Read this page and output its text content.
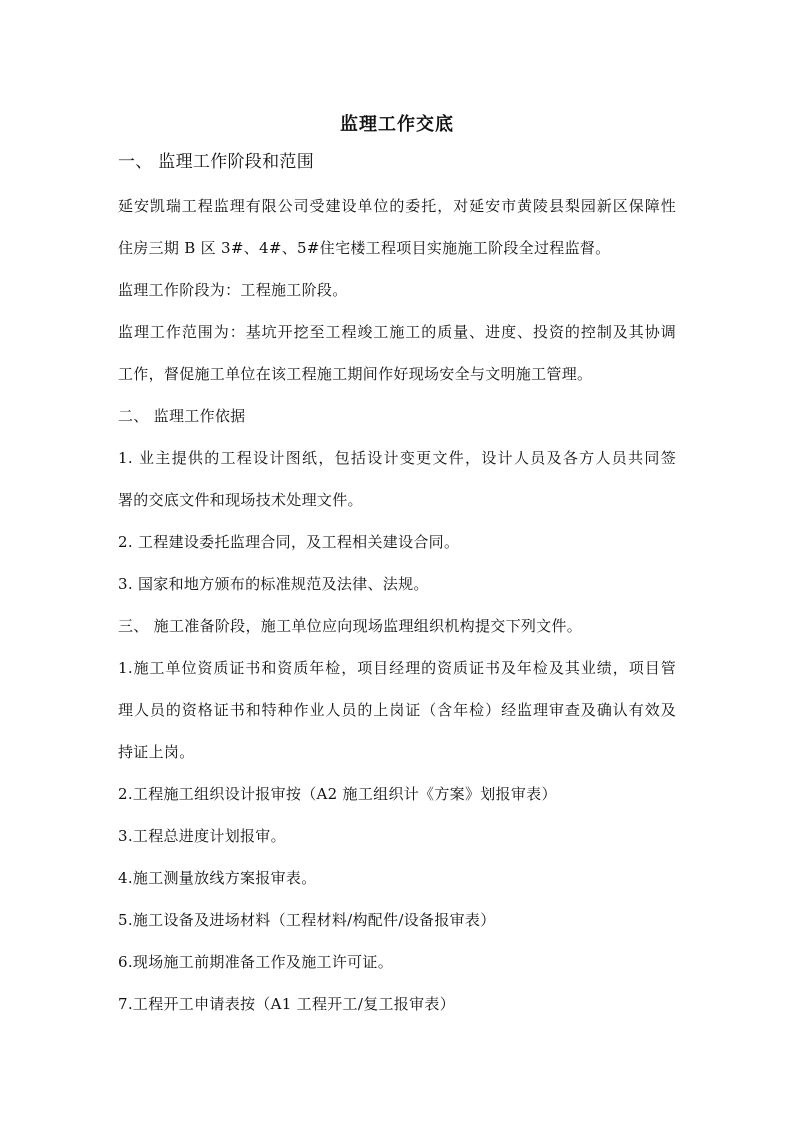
监理工作交底

一、 监理工作阶段和范围

延安凯瑞工程监理有限公司受建设单位的委托，对延安市黄陵县梨园新区保障性

住房三期 B 区 3#、4#、5#住宅楼工程项目实施施工阶段全过程监督。

监理工作阶段为：工程施工阶段。

监理工作范围为：基坑开挖至工程竣工施工的质量、进度、投资的控制及其协调

工作，督促施工单位在该工程施工期间作好现场安全与文明施工管理。

二、 监理工作依据

1. 业主提供的工程设计图纸，包括设计变更文件，设计人员及各方人员共同签

署的交底文件和现场技术处理文件。

2. 工程建设委托监理合同，及工程相关建设合同。

3. 国家和地方颁布的标准规范及法律、法规。

三、 施工准备阶段，施工单位应向现场监理组织机构提交下列文件。

1.施工单位资质证书和资质年检，项目经理的资质证书及年检及其业绩，项目管

理人员的资格证书和特种作业人员的上岗证（含年检）经监理审查及确认有效及

持证上岗。

2.工程施工组织设计报审按（A2 施工组织计《方案》划报审表）

3.工程总进度计划报审。

4.施工测量放线方案报审表。

5.施工设备及进场材料（工程材料/构配件/设备报审表）

6.现场施工前期准备工作及施工许可证。

7.工程开工申请表按（A1 工程开工/复工报审表）
